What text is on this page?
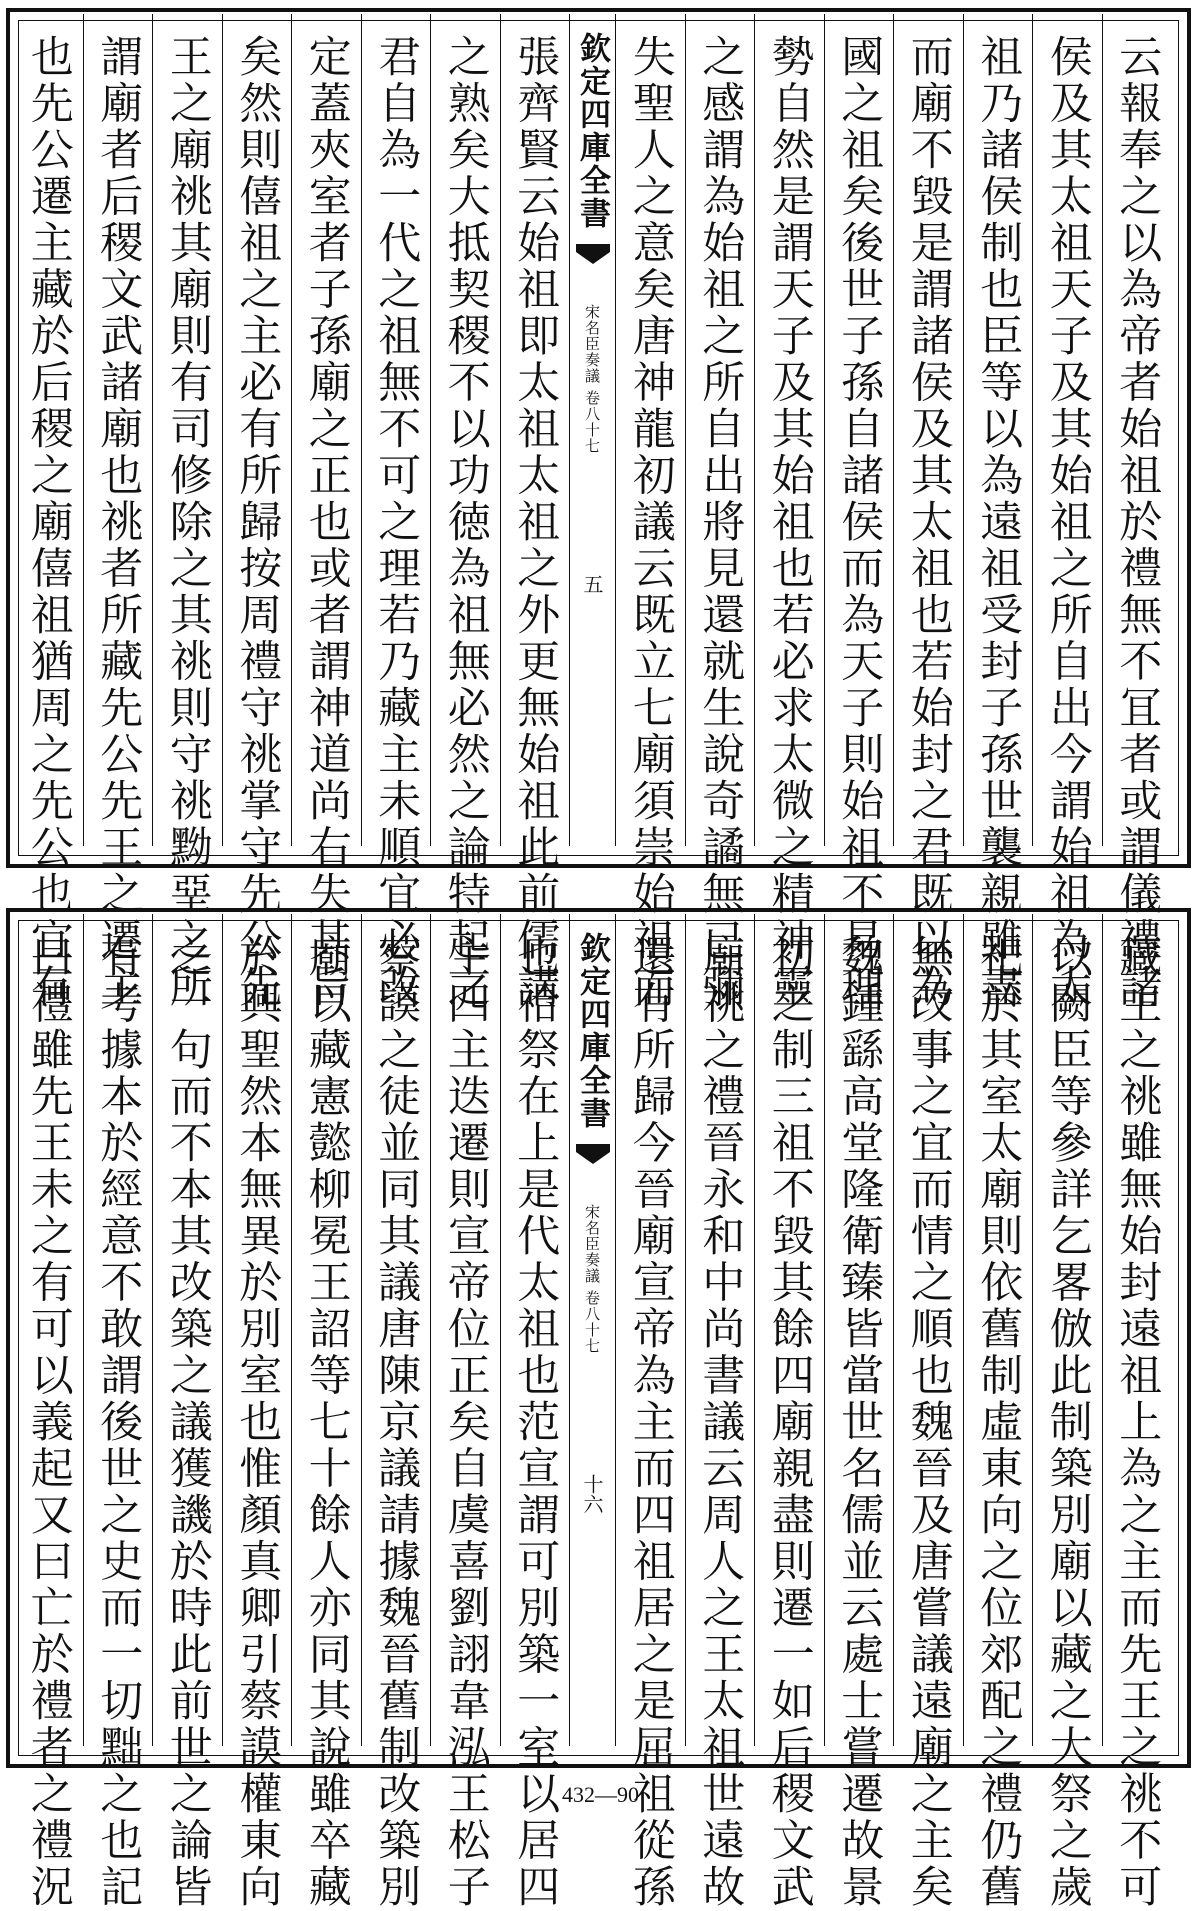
云報奉之以為帝者始祖於禮無不冝者或謂儀禮諸
侯及其太祖天子及其始祖之所自出今謂始祖為太
祖乃諸侯制也臣等以為遠祖受封子孫世襲親雖盡
而廟不毀是謂諸侯及其太祖也若始封之君既以為
國之祖矣後世子孫自諸侯而為天子則始祖不易理
勢自然是謂天子及其始祖也若必求太微之精神靈
之感謂為始祖之所自出將見還就生說奇譎無已彌
失聖人之意矣唐神龍初議云既立七廟須崇始祖而
欽定四庫全書
宋名臣奏議 卷八十七
五
張齊賢云始祖即太祖太祖之外更無始祖此前儒講
之熟矣大抵契稷不以功徳為祖無必然之論特起之
君自為一代之祖無不可之理若乃藏主未順宜必改
定蓋夾室者子孫廟之正也或者謂神道尚右失其旨
矣然則僖祖之主必有所歸按周禮守祧掌守先公先
王之廟祧其廟則有司修除之其祧則守祧黝堊之所
謂廟者后稷文武諸廟也祧者所藏先公先王之遷主
也先公遷主藏於后稷之廟僖祖猶周之先公也宜有
藏主之祧雖無始封遠祖上為之主而先王之祧不可
以闕臣等參詳乞畧倣此制築別廟以藏之大祭之歲
祀於其室太廟則依舊制虛東向之位郊配之禮仍舊
無改事之宜而情之順也魏晉及唐嘗議遠廟之主矣
魏鍾繇高堂隆衛臻皆當世名儒並云處士嘗遷故景
初之制三祖不毀其餘四廟親盡則遷一如后稷文武
廟祧之禮晉永和中尚書議云周人之王太祖世遠故
還有所歸今晉廟宣帝為主而四祖居之是屈祖從孫
欽定四庫全書
宋名臣奏議 卷八十七
十六
也祫祭在上是代太祖也范宣謂可別築一室以居四
主四主迭遷則宣帝位正矣自虞喜劉詡韋泓王松子
蔡謨之徒並同其議唐陳京議請據魏晉舊制改築別
廟以藏憲懿柳冕王詔等七十餘人亦同其說雖卒藏
於興聖然本無異於別室也惟顏真卿引蔡謨權東向
之一句而不本其改築之議獲譏於時此前世之論皆
有考據本於經意不敢謂後世之史而一切黜之也記
曰禮雖先王未之有可以義起又曰亡於禮者之禮況	432—90
